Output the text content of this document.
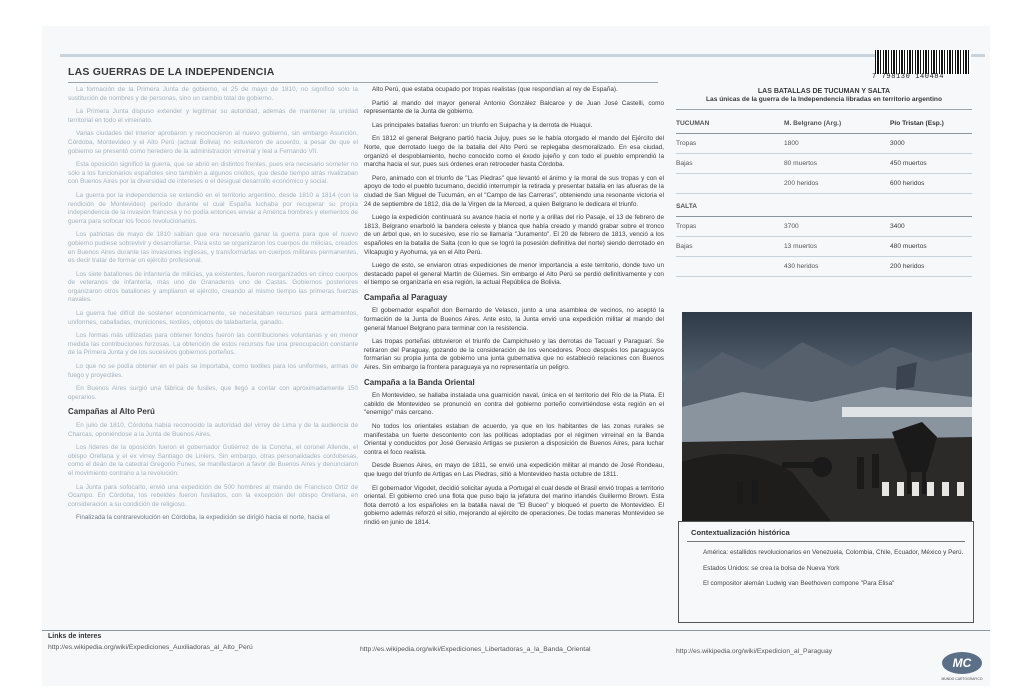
LAS GUERRAS DE LA INDEPENDENCIA

La formación de la Primera Junta de gobierno, el 25 de mayo de 1810, no significó sólo la sustitución de nombres y de personas, sino un cambio total de gobierno.

La Primera Junta dispuso extender y legitimar su autoridad, además de mantener la unidad territorial en todo el virreinato.

Varias ciudades del interior aprobaron y reconocieron al nuevo gobierno, sin embargo Asunción, Córdoba, Montevideo y el Alto Perú (actual Bolivia) no estuvieron de acuerdo, a pesar de que el gobierno se presentó como heredero de la administración virreinal y leal a Fernando VII.

Esta oposición significó la guerra, que se abrió en distintos frentes, pues era necesario someter no sólo a los funcionarios españoles sino también a algunos criollos, que desde tiempo atrás rivalizaban con Buenos Aires por la diversidad de intereses o el desigual desarrollo económico y social.

La guerra por la independencia se extendió en el territorio argentino, desde 1810 a 1814 (con la rendición de Montevideo) período durante el cual España luchaba por recuperar su propia independencia de la invasión francesa y no podía entonces enviar a América hombres y elementos de guerra para sofocar los focos revolucionarios.

Los patriotas de mayo de 1810 sabían que era necesario ganar la guerra para que el nuevo gobierno pudiese sobrevivir y desarrollarse. Para esto se organizaron los cuerpos de milicias, creados en Buenos Aires durante las invasiones inglesas, y transformarlas en cuerpos militares permanentes, es decir tratar de formar un ejército profesional.

Los siete batallones de infantería de milicias, ya existentes, fueron reorganizados en cinco cuerpos de veteranos de infantería, más uno de Granaderos uno de Castas. Gobiernos posteriores organizaron otros batallones y ampliaron el ejército, creando al mismo tiempo las primeras fuerzas navales.

La guerra fue difícil de sostener económicamente, se necesitaban recursos para armamentos, uniformes, caballadas, municiones, textiles, objetos de talabartería, ganado.

Los formas más utilizadas para obtener fondos fueron las contribuciones voluntarias y en menor medida las contribuciones forzosas. La obtención de estos recursos fue una preocupación constante de la Primera Junta y de los sucesivos gobiernos porteños.

Lo que no se podía obtener en el país se importaba, como textiles para los uniformes, armas de fuego y proyectiles.

En Buenos Aires surgió una fábrica de fusiles, que llegó a contar con aproximadamente 150 operarios.

Campañas al Alto Perú

En julio de 1810, Córdoba había reconocido la autoridad del virrey de Lima y de la audiencia de Charcas, oponiéndose a la Junta de Buenos Aires.

Los líderes de la oposición fueron el gobernador Gutiérrez de la Concha, el coronel Allende, el obispo Orellana y el ex virrey Santiago de Liniers. Sin embargo, otras personalidades cordobesas, como el deán de la catedral Gregorio Funes, se manifestaron a favor de Buenos Aires y denunciaron el movimiento contrario a la revolución.

La Junta para sofocarlo, envió una expedición de 500 hombres al mando de Francisco Ortiz de Ocampo. En Córdoba, los rebeldes fueron fusilados, con la excepción del obispo Orellana, en consideración a su condición de religioso.

Finalizada la contrarevolución en Córdoba, la expedición se dirigió hacia el norte, hacia el

Alto Perú, que estaba ocupado por tropas realistas (que respondían al rey de España).

Partió al mando del mayor general Antonio González Balcarce y de Juan José Castelli, como representante de la Junta de gobierno.

Las principales batallas fueron: un triunfo en Suipacha y la derrota de Huaqui.

En 1812 el general Belgrano partió hacia Jujuy, pues se le había otorgado el mando del Ejército del Norte, que derrotado luego de la batalla del Alto Perú se replegaba desmoralizado. En esa ciudad, organizó el despoblamiento, hecho conocido como el éxodo jujeño y con todo el pueblo emprendió la marcha hacia el sur, pues sus órdenes eran retroceder hasta Córdoba.

Pero, animado con el triunfo de "Las Piedras" que levantó el ánimo y la moral de sus tropas y con el apoyo de todo el pueblo tucumano, decidió interrumpir la retirada y presentar batalla en las afueras de la ciudad de San Miguel de Tucumán, en el "Campo de las Carreras", obteniendo una resonante victoria el 24 de septiembre de 1812, día de la Virgen de la Merced, a quien Belgrano le dedicara el triunfo.

Luego la expedición continuará su avance hacia el norte y a orillas del río Pasaje, el 13 de febrero de 1813, Belgrano enarboló la bandera celeste y blanca que había creado y mandó grabar sobre el tronco de un árbol que, en lo sucesivo, ese río se llamaría "Juramento". El 20 de febrero de 1813, venció a los españoles en la batalla de Salta (con lo que se logró la posesión definitiva del norte) siendo derrotado en Vilcapugio y Ayohuma, ya en el Alto Perú.

Luego de esto, se enviaron otras expediciones de menor importancia a este territorio, donde tuvo un destacado papel el general Martín de Güemes. Sin embargo el Alto Perú se perdió definitivamente y con el tiempo se organizaría en esa región, la actual República de Bolivia.

Campaña al Paraguay

El gobernador español don Bernardo de Velasco, junto a una asamblea de vecinos, no aceptó la formación de la Junta de Buenos Aires. Ante esto, la Junta envió una expedición militar al mando del general Manuel Belgrano para terminar con la resistencia.

Las tropas porteñas obtuvieron el triunfo de Campichuelo y las derrotas de Tacuarí y Paraguarí. Se retiraron del Paraguay, gozando de la consideración de los vencedores. Poco después los paraguayos formarían su propia junta de gobierno una junta gubernativa que no estableció relaciones con Buenos Aires. Sin embargo la frontera paraguaya ya no representaría un peligro.

Campaña a la Banda Oriental

En Montevideo, se hallaba instalada una guarnición naval, única en el territorio del Río de la Plata. El cabildo de Montevideo se pronunció en contra del gobierno porteño convirtiéndose esta región en el "enemigo" más cercano.

No todos los orientales estaban de acuerdo, ya que en los habitantes de las zonas rurales se manifestaba un fuerte descontento con las políticas adoptadas por el régimen virreinal en la Banda Oriental y conducidos por José Gervasio Artigas se pusieron a disposición de Buenos Aires, para luchar contra el foco realista.

Desde Buenos Aires, en mayo de 1811, se envió una expedición militar al mando de José Rondeau, que luego del triunfo de Artigas en Las Piedras, sitió a Montevideo hasta octubre de 1811.

El gobernador Vigodet, decidió solicitar ayuda a Portugal el cual desde el Brasil envió tropas a territorio oriental. El gobierno creó una flota que puso bajo la jefatura del marino irlandés Guillermo Brown. Esta flota derrotó a los españoles en la batalla naval de "El Buceo" y bloqueó el puerto de Montevideo. El gobierno además reforzó el sitio, mejorando al ejército de operaciones. De todas maneras Montevideo se rindió en junio de 1814.

7 798130 140484
LAS BATALLAS DE TUCUMAN Y SALTA
Las únicas de la guerra de la Independencia libradas en territorio argentino
TUCUMAN	M. Belgrano (Arg.)	Pío Tristan (Esp.)
Tropas	1800	3000
Bajas	80 muertos	450 muertos
	200 heridos	600 heridos
SALTA		
Tropas	3700	3400
Bajas	13 muertos	480 muertos
	430 heridos	200 heridos
Contextualización histórica

América: estallidos revolucionarios en Venezuela, Colombia, Chile, Ecuador, México y Perú.

Estados Unidos: se crea la bolsa de Nueva York

El compositor alemán Ludwig van Beethoven compone "Para Elisa"

Links de interes
http://es.wikipedia.org/wiki/Expediciones_Auxiliadoras_al_Alto_Perú	http://es.wikipedia.org/wiki/Expediciones_Libertadoras_a_la_Banda_Oriental	http://es.wikipedia.org/wiki/Expedicion_al_Paraguay
MC
MUNDO CARTOGRAFICO
